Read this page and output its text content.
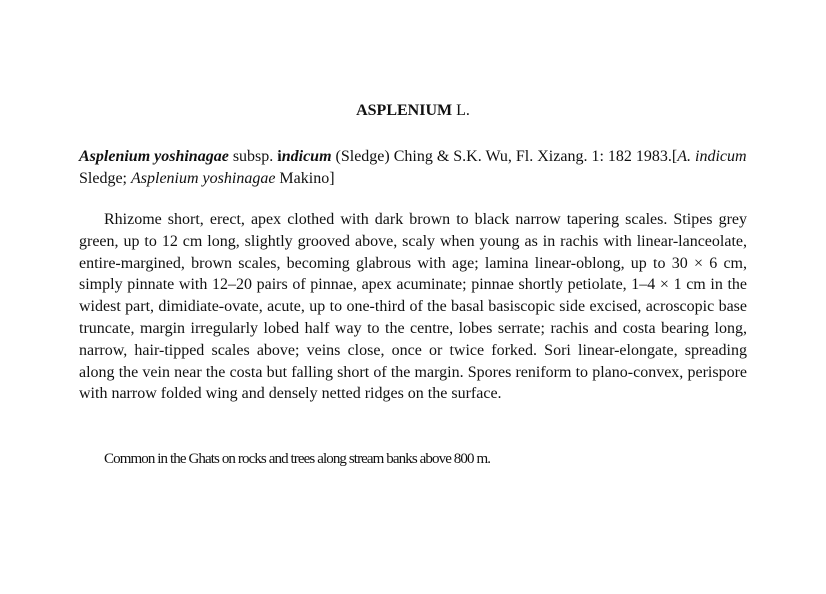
ASPLENIUM L.
Asplenium yoshinagae subsp. indicum (Sledge) Ching & S.K. Wu, Fl. Xizang. 1: 182 1983.[A. indicum Sledge; Asplenium yoshinagae Makino]

Rhizome short, erect, apex clothed with dark brown to black narrow tapering scales. Stipes grey green, up to 12 cm long, slightly grooved above, scaly when young as in rachis with linear-lanceolate, entire-margined, brown scales, becoming glabrous with age; lamina linear-oblong, up to 30 × 6 cm, simply pinnate with 12–20 pairs of pinnae, apex acuminate; pinnae shortly petiolate, 1–4 × 1 cm in the widest part, dimidiate-ovate, acute, up to one-third of the basal basiscopic side excised, acroscopic base truncate, margin irregularly lobed half way to the centre, lobes serrate; rachis and costa bearing long, narrow, hair-tipped scales above; veins close, once or twice forked. Sori linear-elongate, spreading along the vein near the costa but falling short of the margin. Spores reniform to plano-convex, perispore with narrow folded wing and densely netted ridges on the surface.

Common in the Ghats on rocks and trees along stream banks above 800 m.
